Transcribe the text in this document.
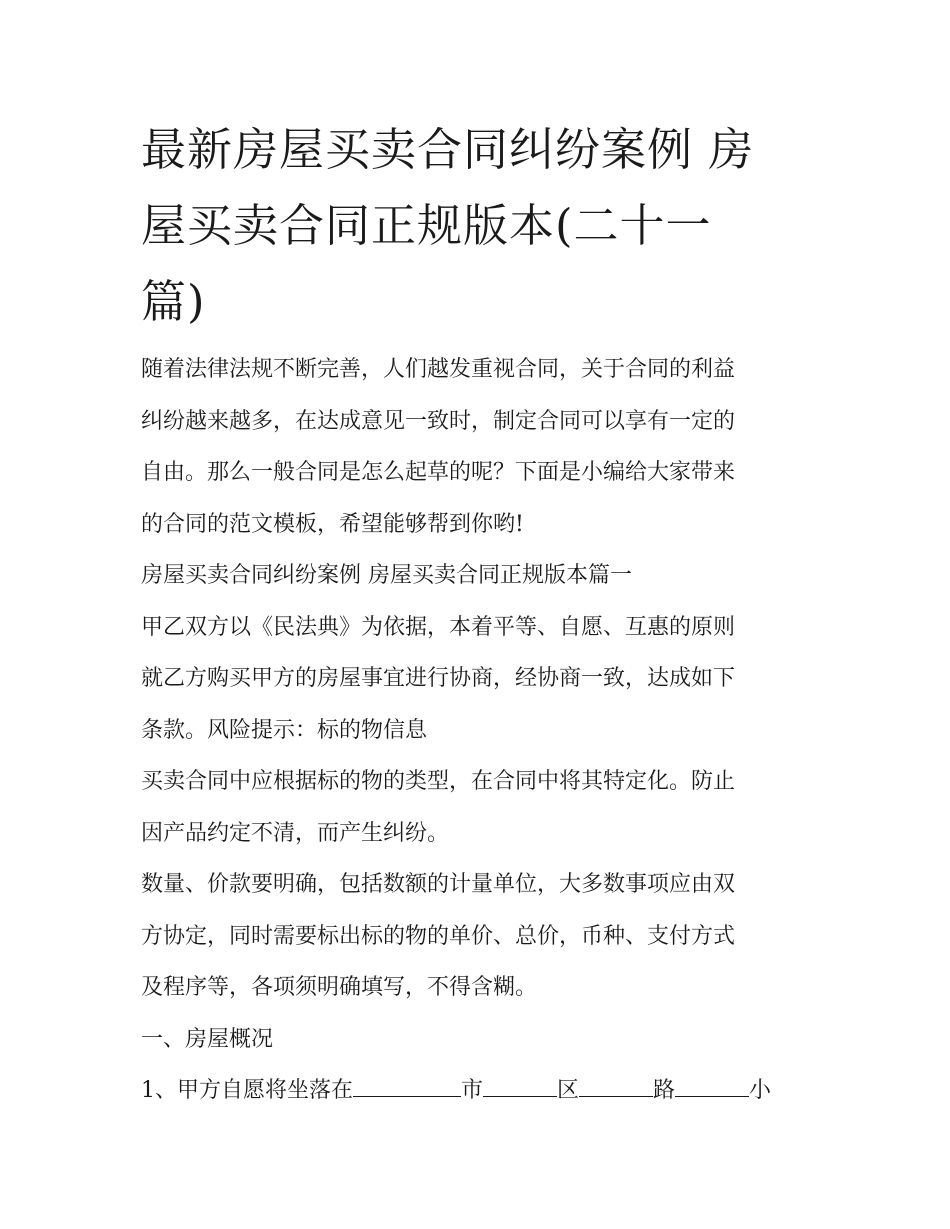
最新房屋买卖合同纠纷案例 房
屋买卖合同正规版本(二十一
篇)

随着法律法规不断完善，人们越发重视合同，关于合同的利益
纠纷越来越多，在达成意见一致时，制定合同可以享有一定的
自由。那么一般合同是怎么起草的呢？下面是小编给大家带来
的合同的范文模板，希望能够帮到你哟!

房屋买卖合同纠纷案例 房屋买卖合同正规版本篇一

甲乙双方以《民法典》为依据，本着平等、自愿、互惠的原则
就乙方购买甲方的房屋事宜进行协商，经协商一致，达成如下
条款。风险提示：标的物信息

买卖合同中应根据标的物的类型，在合同中将其特定化。防止
因产品约定不清，而产生纠纷。

数量、价款要明确，包括数额的计量单位，大多数事项应由双
方协定，同时需要标出标的物的单价、总价，币种、支付方式
及程序等，各项须明确填写，不得含糊。

一、房屋概况

1、甲方自愿将坐落在	市	区	路	小
